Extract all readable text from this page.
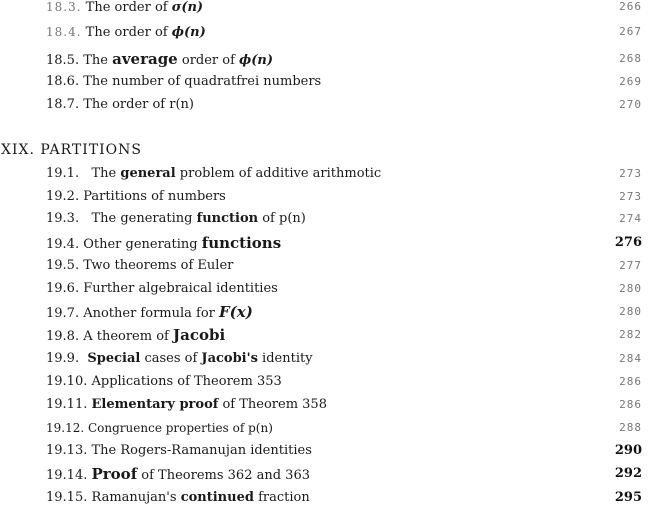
18.3. The order of σ(n)	266
18.4. The order of ϕ(n)	267
18.5. The average order of ϕ(n)	268
18.6. The number of quadratfrei numbers	269
18.7. The order of r(n)	270
XIX. PARTITIONS
19.1.   The general problem of additive arithmotic	273
19.2. Partitions of numbers	273
19.3.   The generating function of p(n)	274
19.4. Other generating functions	276
19.5. Two theorems of Euler	277
19.6. Further algebraical identities	280
19.7. Another formula for F(x)	280
19.8. A theorem of Jacobi	282
19.9. Special cases of Jacobi's identity	284
19.10. Applications of Theorem 353	286
19.11. Elementary proof of Theorem 358	286
19.12. Congruence properties of p(n)	288
19.13. The Rogers-Ramanujan identities	290
19.14. Proof of Theorems 362 and 363	292
19.15. Ramanujan's continued fraction	295
